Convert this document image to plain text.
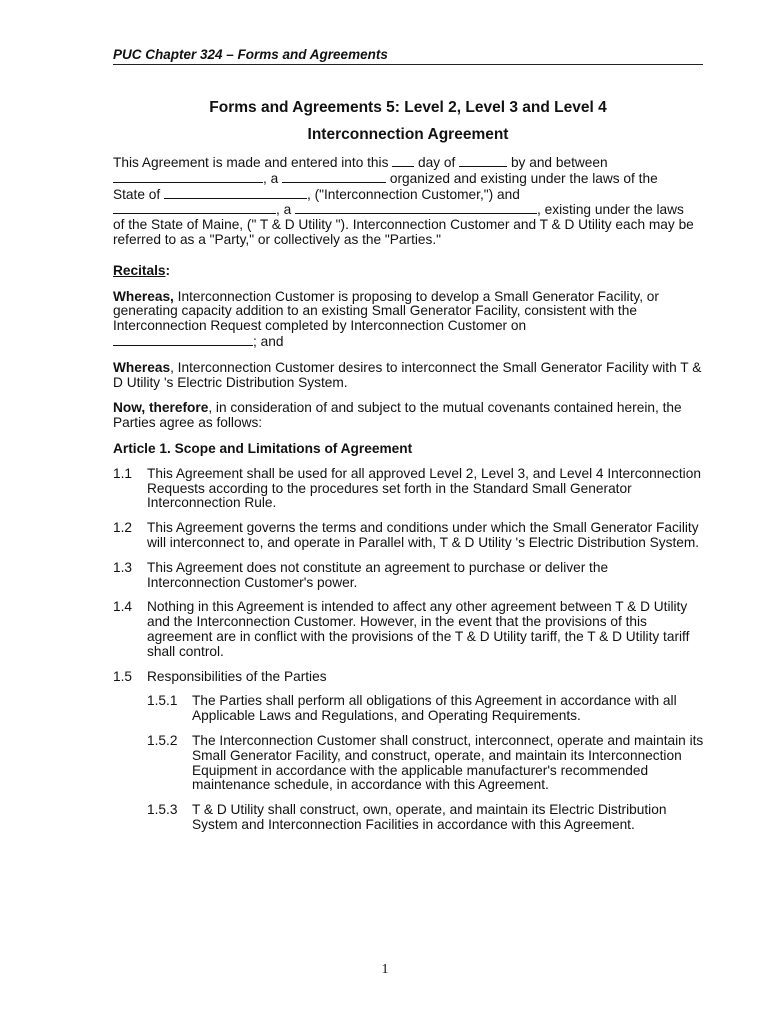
PUC Chapter 324 – Forms and Agreements
Forms and Agreements 5: Level 2, Level 3 and Level 4
Interconnection Agreement

This Agreement is made and entered into this  day of	by and between
, a	organized and existing under the laws of the
State of	, ("Interconnection Customer,") and
, a	, existing under the laws
of the State of Maine, (" T & D Utility "). Interconnection Customer and T & D Utility each may be referred to as a "Party," or collectively as the "Parties."

Recitals:

Whereas, Interconnection Customer is proposing to develop a Small Generator Facility, or generating capacity addition to an existing Small Generator Facility, consistent with the Interconnection Request completed by Interconnection Customer on
; and

Whereas, Interconnection Customer desires to interconnect the Small Generator Facility with T & D Utility 's Electric Distribution System.

Now, therefore, in consideration of and subject to the mutual covenants contained herein, the Parties agree as follows:

Article 1. Scope and Limitations of Agreement
1.1	This Agreement shall be used for all approved Level 2, Level 3, and Level 4 Interconnection Requests according to the procedures set forth in the Standard Small Generator Interconnection Rule.
1.2	This Agreement governs the terms and conditions under which the Small Generator Facility will interconnect to, and operate in Parallel with, T & D Utility 's Electric Distribution System.
1.3	This Agreement does not constitute an agreement to purchase or deliver the Interconnection Customer's power.
1.4	Nothing in this Agreement is intended to affect any other agreement between T & D Utility and the Interconnection Customer. However, in the event that the provisions of this agreement are in conflict with the provisions of the T & D Utility tariff, the T & D Utility tariff shall control.
1.5	Responsibilities of the Parties
1.5.1	The Parties shall perform all obligations of this Agreement in accordance with all Applicable Laws and Regulations, and Operating Requirements.
1.5.2	The Interconnection Customer shall construct, interconnect, operate and maintain its Small Generator Facility, and construct, operate, and maintain its Interconnection Equipment in accordance with the applicable manufacturer's recommended maintenance schedule, in accordance with this Agreement.
1.5.3	T & D Utility shall construct, own, operate, and maintain its Electric Distribution System and Interconnection Facilities in accordance with this Agreement.
1
